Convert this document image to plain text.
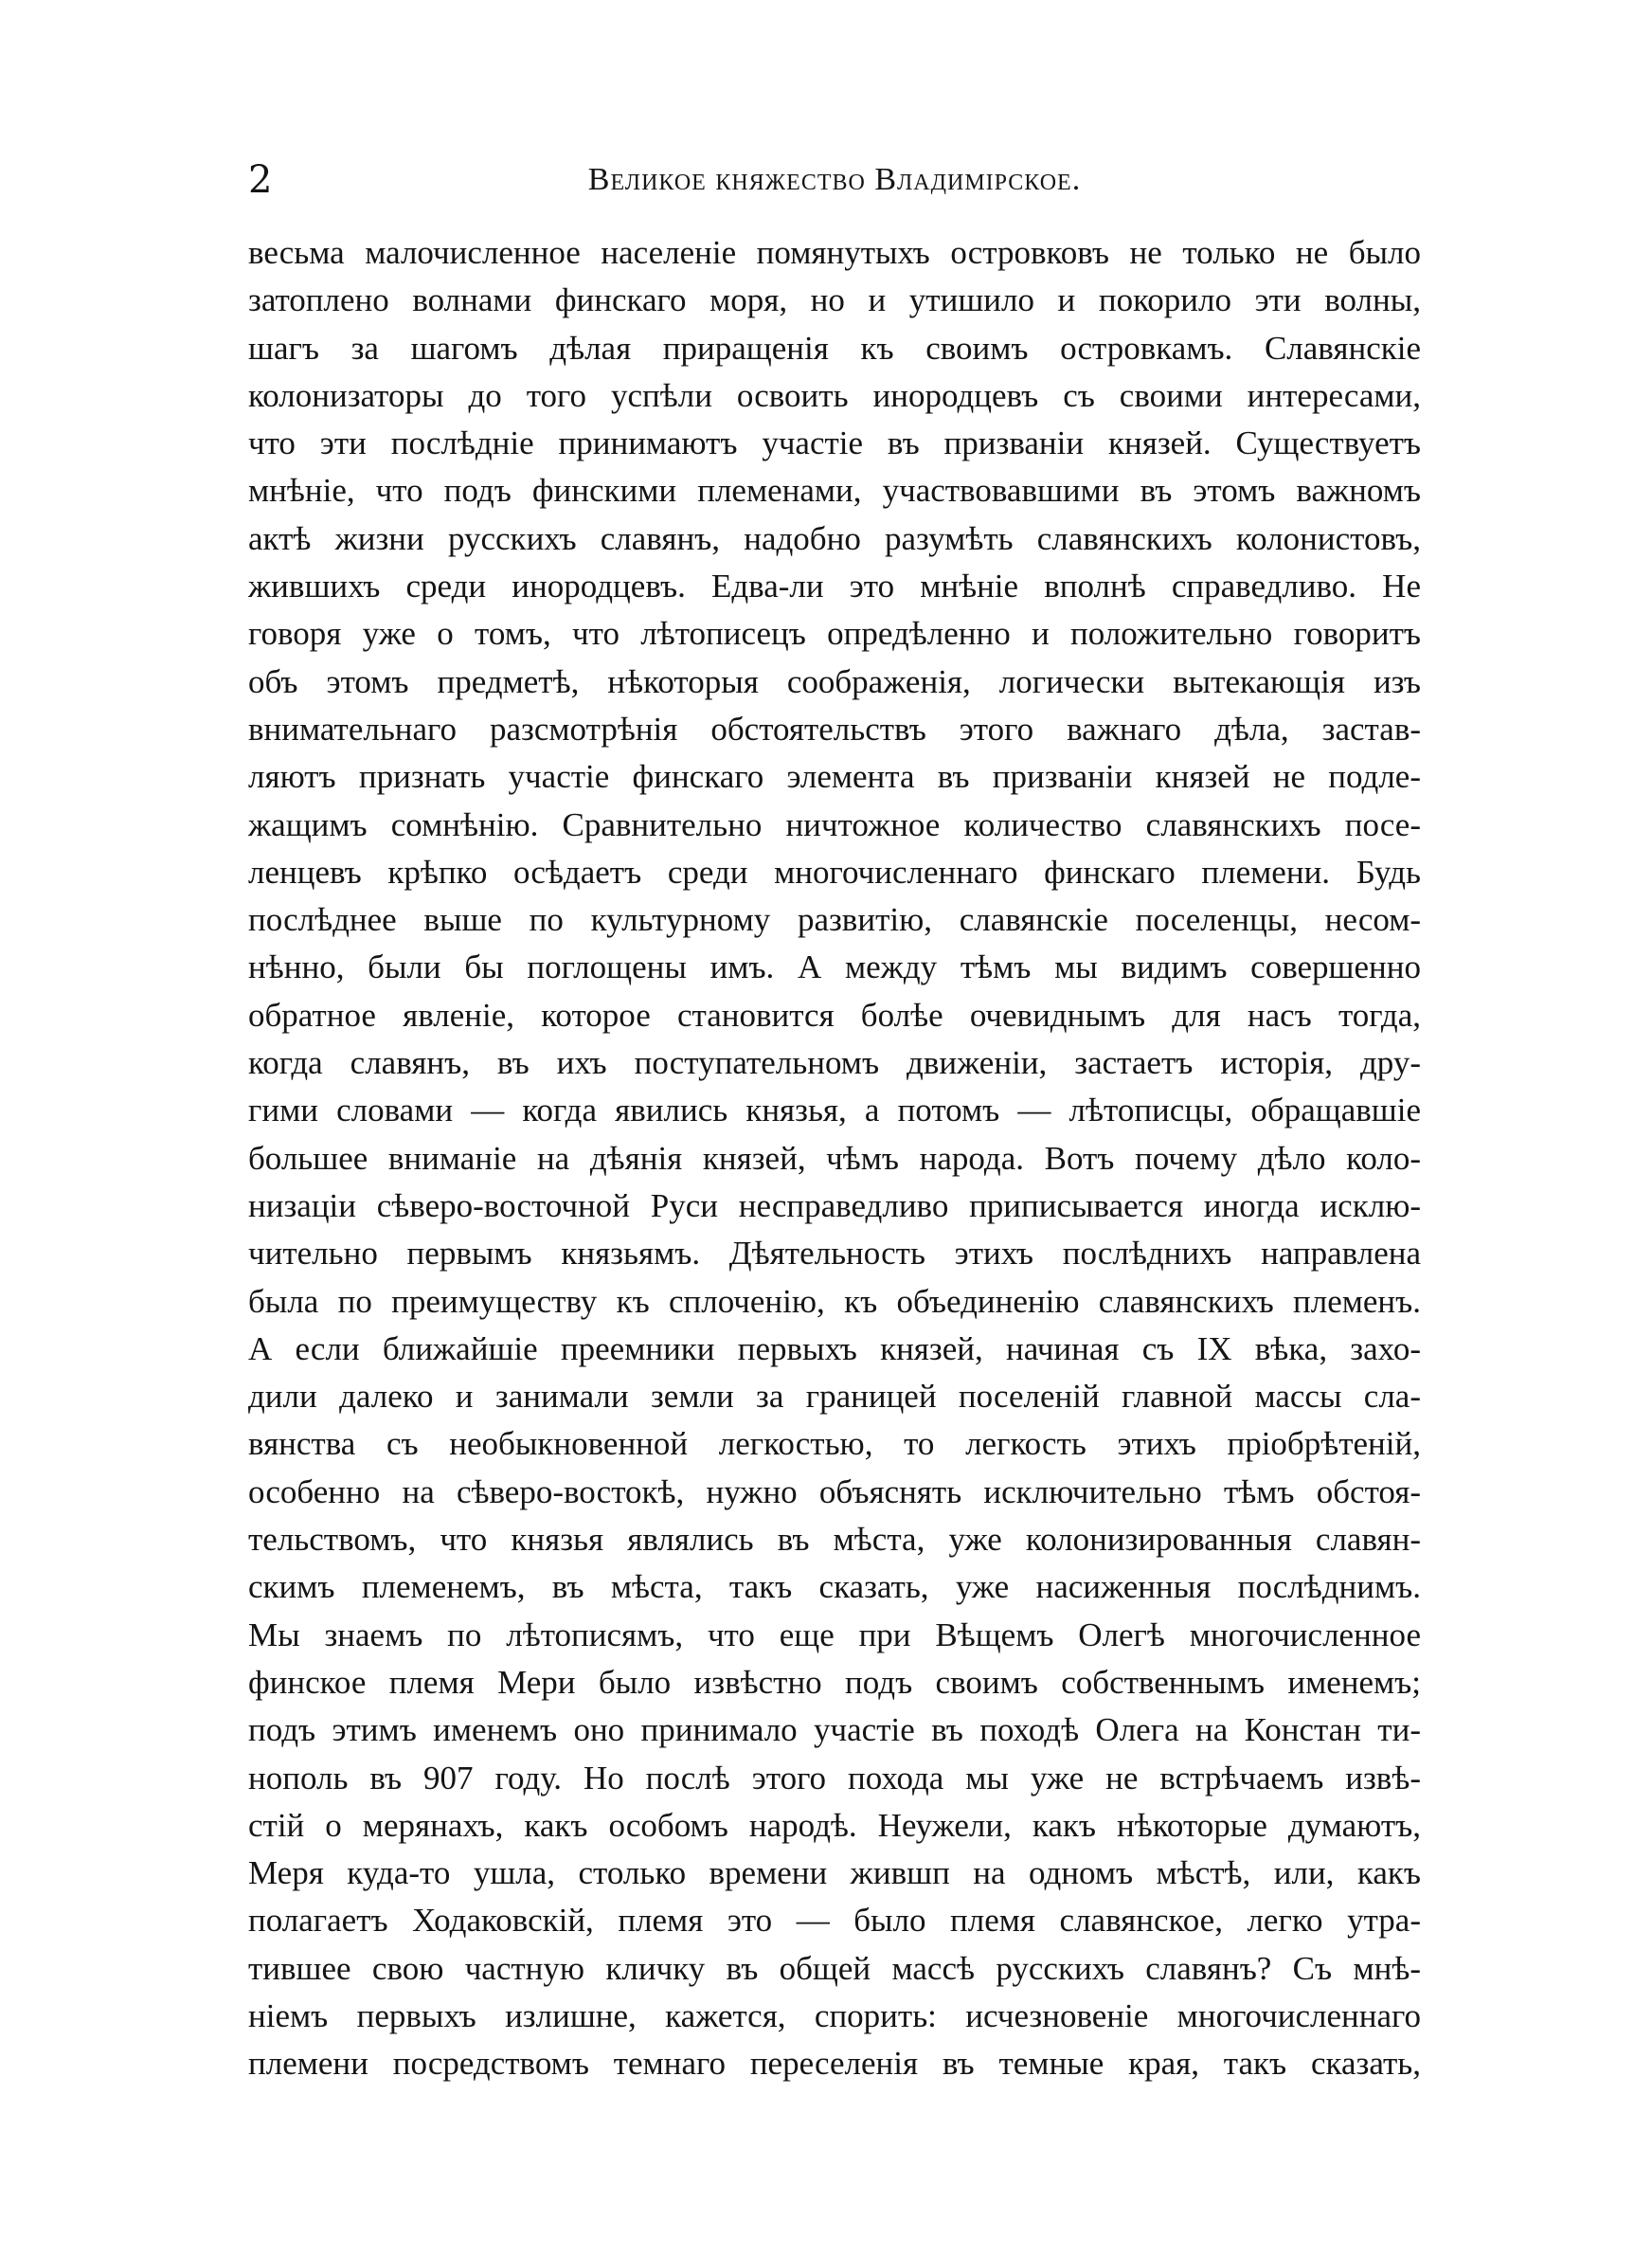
2	Великое княжество Владимірское.
весьма малочисленное населеніе помянутыхъ островковъ не только не было
затоплено волнами финскаго моря, но и утишило и покорило эти волны,
шагъ за шагомъ дѣлая приращенія къ своимъ островкамъ. Славянскіе
колонизаторы до того успѣли освоить инородцевъ съ своими интересами,
что эти послѣдніе принимаютъ участіе въ призваніи князей. Существуетъ
мнѣніе, что подъ финскими племенами, участвовавшими въ этомъ важномъ
актѣ жизни русскихъ славянъ, надобно разумѣть славянскихъ колонистовъ,
жившихъ среди инородцевъ. Едва-ли это мнѣніе вполнѣ справедливо. Не
говоря уже о томъ, что лѣтописецъ опредѣленно и положительно говоритъ
объ этомъ предметѣ, нѣкоторыя соображенія, логически вытекающія изъ
внимательнаго разсмотрѣнія обстоятельствъ этого важнаго дѣла, застав-
ляютъ признать участіе финскаго элемента въ призваніи князей не подле-
жащимъ сомнѣнію. Сравнительно ничтожное количество славянскихъ посе-
ленцевъ крѣпко осѣдаетъ среди многочисленнаго финскаго племени. Будь
послѣднее выше по культурному развитію, славянскіе поселенцы, несом-
нѣнно, были бы поглощены имъ. А между тѣмъ мы видимъ совершенно
обратное явленіе, которое становится болѣе очевиднымъ для насъ тогда,
когда славянъ, въ ихъ поступательномъ движеніи, застаетъ исторія, дру-
гими словами — когда явились князья, а потомъ — лѣтописцы, обращавшіе
большее вниманіе на дѣянія князей, чѣмъ народа. Вотъ почему дѣло коло-
низаціи сѣверо-восточной Руси несправедливо приписывается иногда исклю-
чительно первымъ князьямъ. Дѣятельность этихъ послѣднихъ направлена
была по преимуществу къ сплоченію, къ объединенію славянскихъ племенъ.
А если ближайшіе преемники первыхъ князей, начиная съ IX вѣка, захо-
дили далеко и занимали земли за границей поселеній главной массы сла-
вянства съ необыкновенной легкостью, то легкость этихъ пріобрѣтеній,
особенно на сѣверо-востокѣ, нужно объяснять исключительно тѣмъ обстоя-
тельствомъ, что князья являлись въ мѣста, уже колонизированныя славян-
скимъ племенемъ, въ мѣста, такъ сказать, уже насиженныя послѣднимъ.
Мы знаемъ по лѣтописямъ, что еще при Вѣщемъ Олегѣ многочисленное
финское племя Мери было извѣстно подъ своимъ собственнымъ именемъ;
подъ этимъ именемъ оно принимало участіе въ походѣ Олега на Констан ти-
нополь въ 907 году. Но послѣ этого похода мы уже не встрѣчаемъ извѣ-
стій о мерянахъ, какъ особомъ народѣ. Неужели, какъ нѣкоторые думаютъ,
Меря куда-то ушла, столько времени жившп на одномъ мѣстѣ, или, какъ
полагаетъ Ходаковскій, племя это — было племя славянское, легко утра-
тившее свою частную кличку въ общей массѣ русскихъ славянъ? Съ мнѣ-
ніемъ первыхъ излишне, кажется, спорить: исчезновеніе многочисленнаго
племени посредствомъ темнаго переселенія въ темные края, такъ сказать,
